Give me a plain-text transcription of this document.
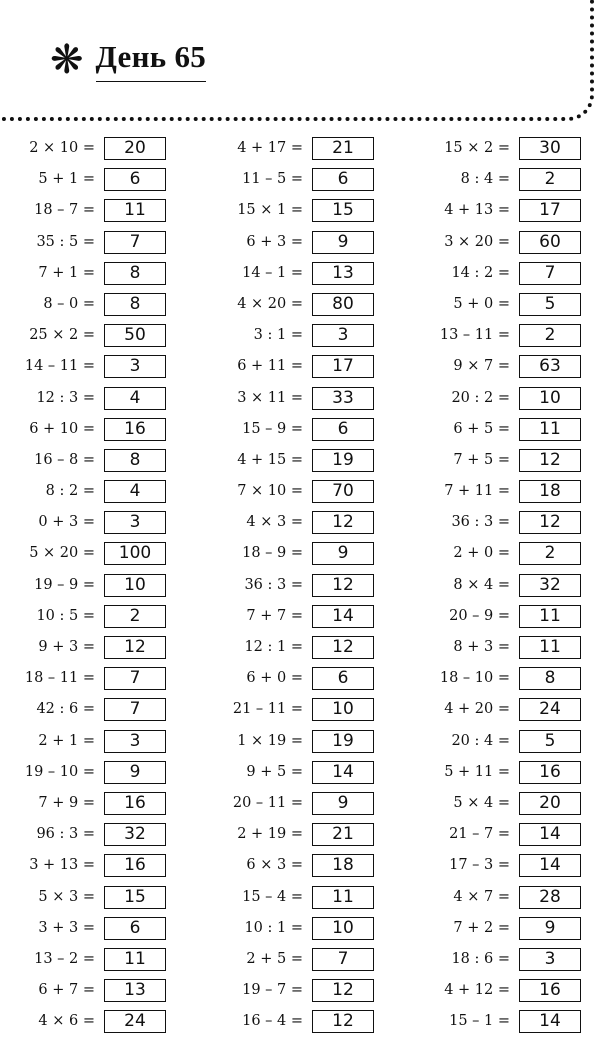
❋ День 65
2 × 10 =	20
5 + 1 =	6
18 – 7 =	11
35 : 5 =	7
7 + 1 =	8
8 – 0 =	8
25 × 2 =	50
14 – 11 =	3
12 : 3 =	4
6 + 10 =	16
16 – 8 =	8
8 : 2 =	4
0 + 3 =	3
5 × 20 =	100
19 – 9 =	10
10 : 5 =	2
9 + 3 =	12
18 – 11 =	7
42 : 6 =	7
2 + 1 =	3
19 – 10 =	9
7 + 9 =	16
96 : 3 =	32
3 + 13 =	16
5 × 3 =	15
3 + 3 =	6
13 – 2 =	11
6 + 7 =	13
4 × 6 =	24
4 + 17 =	21
11 – 5 =	6
15 × 1 =	15
6 + 3 =	9
14 – 1 =	13
4 × 20 =	80
3 : 1 =	3
6 + 11 =	17
3 × 11 =	33
15 – 9 =	6
4 + 15 =	19
7 × 10 =	70
4 × 3 =	12
18 – 9 =	9
36 : 3 =	12
7 + 7 =	14
12 : 1 =	12
6 + 0 =	6
21 – 11 =	10
1 × 19 =	19
9 + 5 =	14
20 – 11 =	9
2 + 19 =	21
6 × 3 =	18
15 – 4 =	11
10 : 1 =	10
2 + 5 =	7
19 – 7 =	12
16 – 4 =	12
15 × 2 =	30
8 : 4 =	2
4 + 13 =	17
3 × 20 =	60
14 : 2 =	7
5 + 0 =	5
13 – 11 =	2
9 × 7 =	63
20 : 2 =	10
6 + 5 =	11
7 + 5 =	12
7 + 11 =	18
36 : 3 =	12
2 + 0 =	2
8 × 4 =	32
20 – 9 =	11
8 + 3 =	11
18 – 10 =	8
4 + 20 =	24
20 : 4 =	5
5 + 11 =	16
5 × 4 =	20
21 – 7 =	14
17 – 3 =	14
4 × 7 =	28
7 + 2 =	9
18 : 6 =	3
4 + 12 =	16
15 – 1 =	14
